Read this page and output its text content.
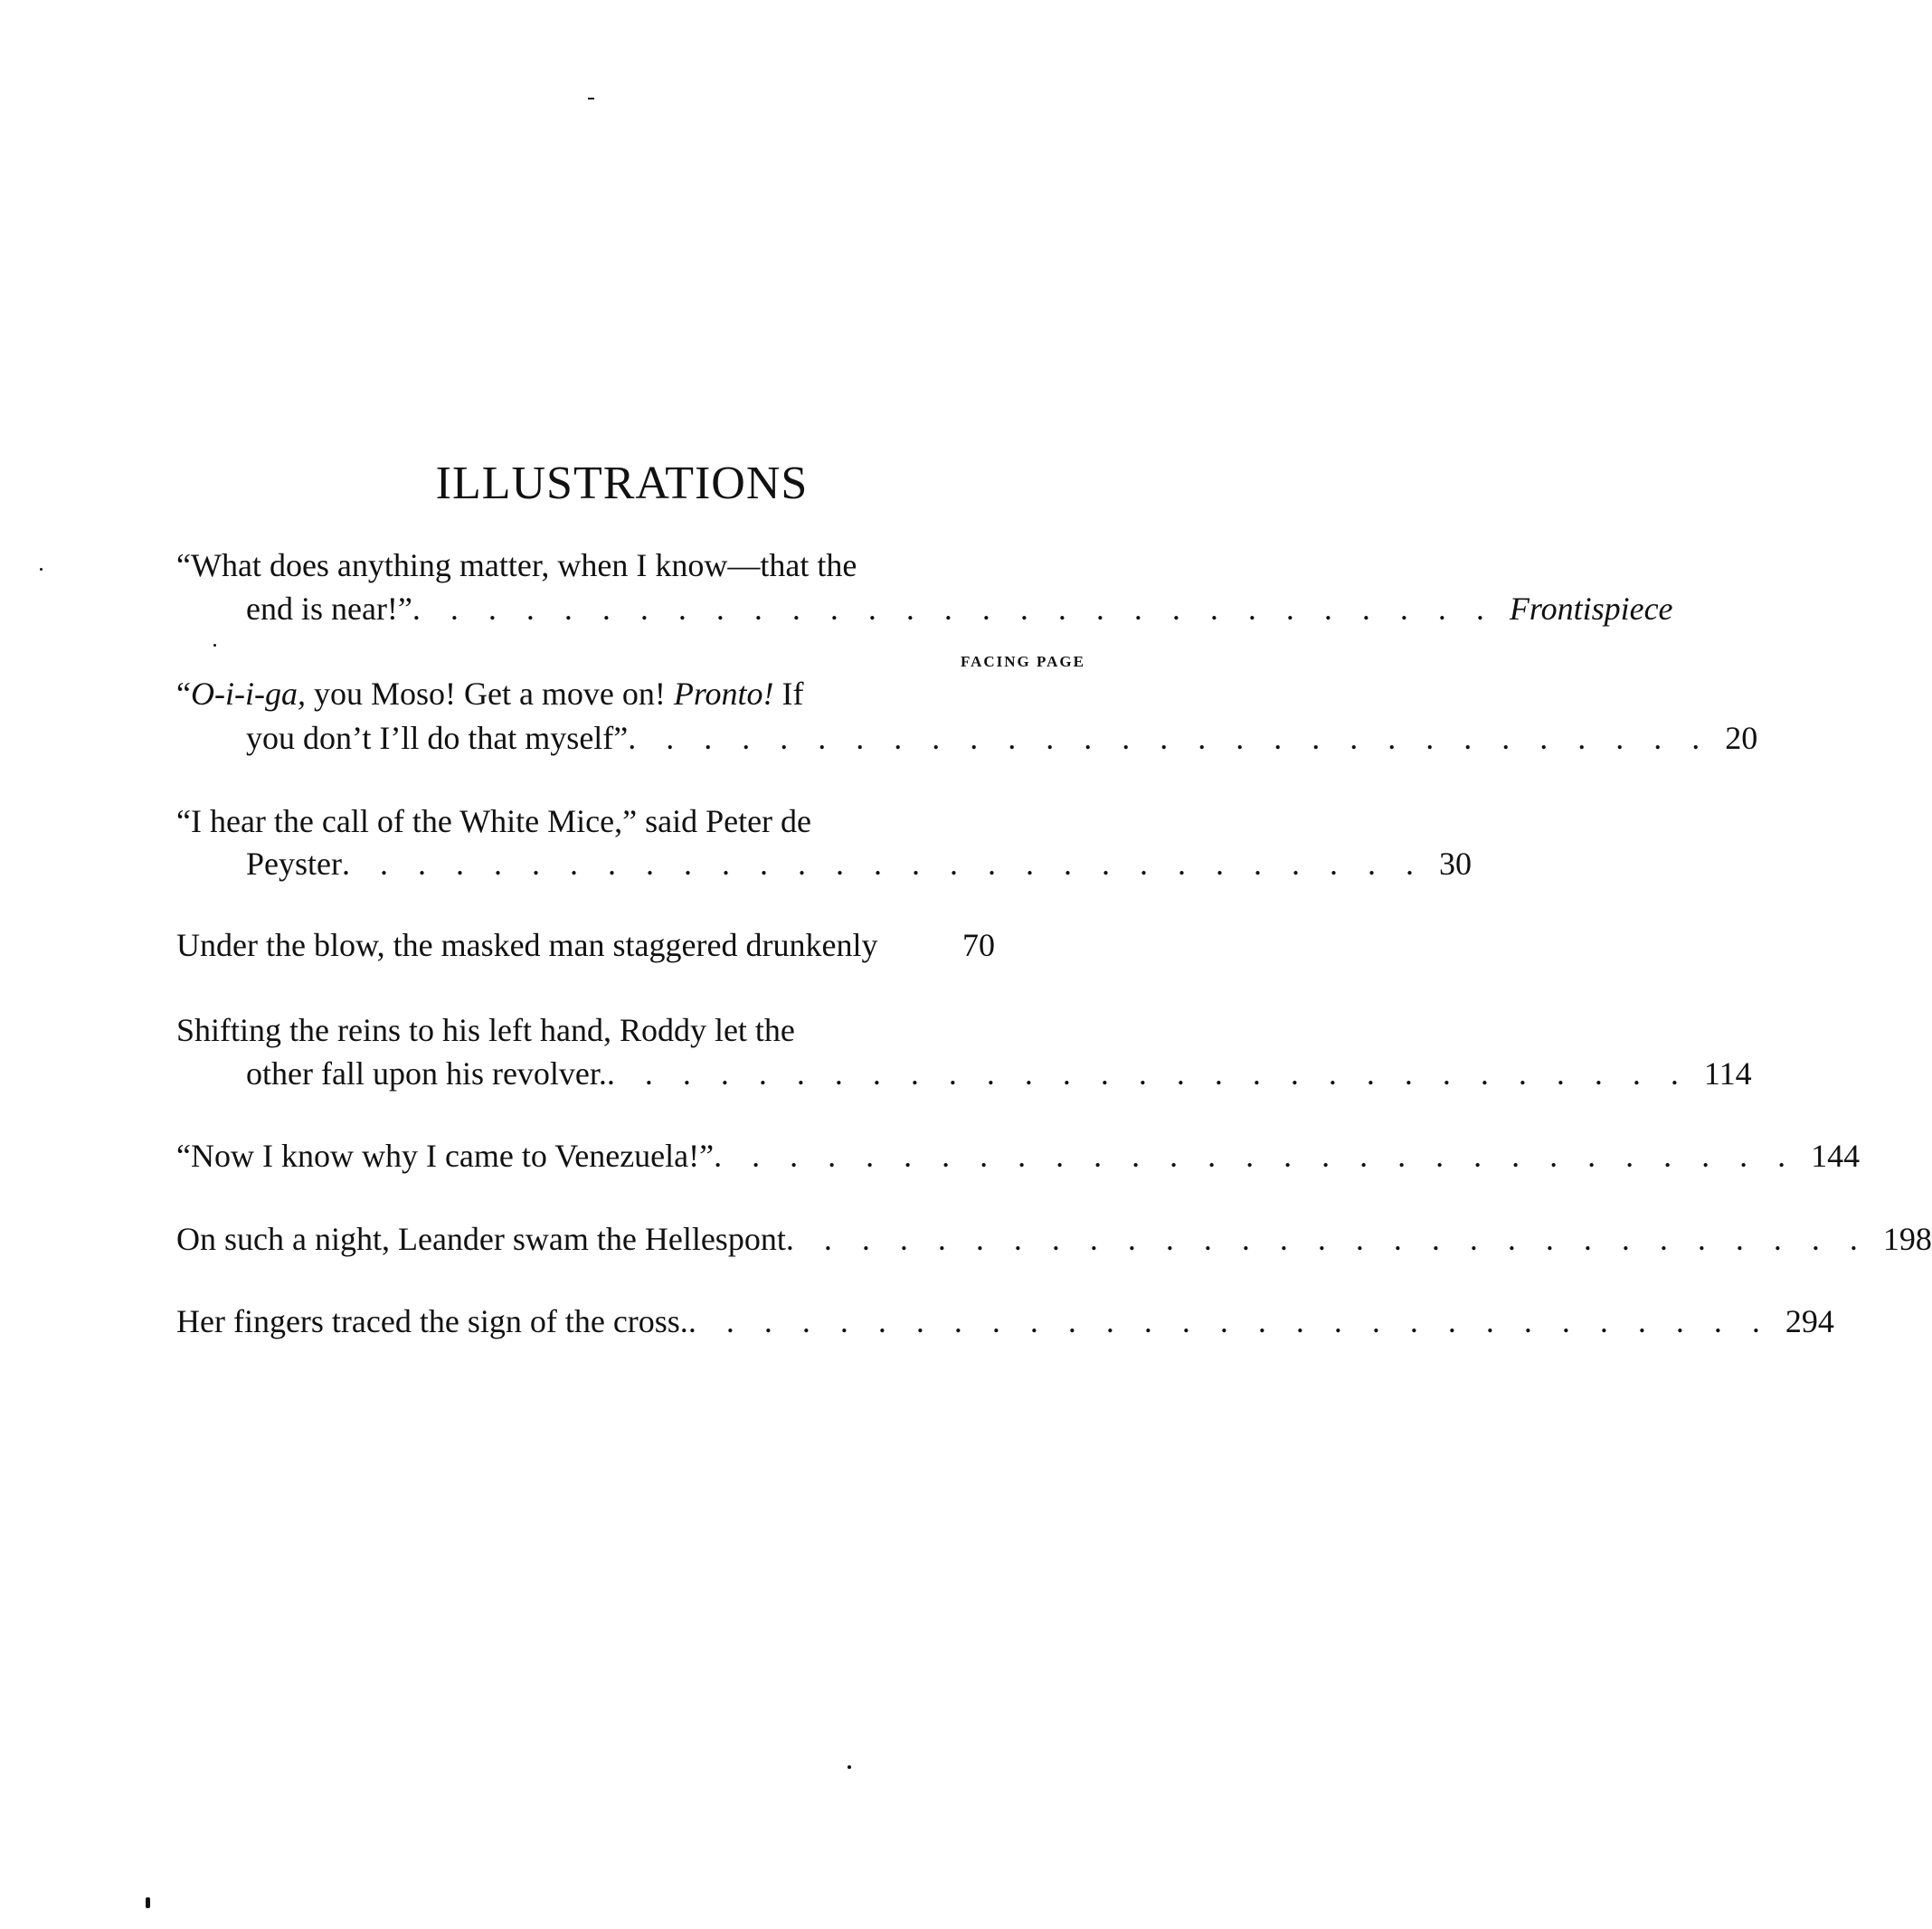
ILLUSTRATIONS
“What does anything matter, when I know—that the
end is near!” . . . . . . . . . . . . . . . . . . . . . . . . . . . . . Frontispiece
FACING PAGE
“O-i-i-ga, you Moso! Get a move on! Pronto! If
you don’t I’ll do that myself” . . . . . . . . . . . . . . . . . . . . . . . . . . . . . 20
“I hear the call of the White Mice,” said Peter de
Peyster . . . . . . . . . . . . . . . . . . . . . . . . . . . . . 30
Under the blow, the masked man staggered drunkenly	70
Shifting the reins to his left hand, Roddy let the
other fall upon his revolver. . . . . . . . . . . . . . . . . . . . . . . . . . . . . . 114
“Now I know why I came to Venezuela!” . . . . . . . . . . . . . . . . . . . . . . . . . . . . . 144
On such a night, Leander swam the Hellespont . . . . . . . . . . . . . . . . . . . . . . . . . . . . . 198
Her fingers traced the sign of the cross. . . . . . . . . . . . . . . . . . . . . . . . . . . . . . 294
